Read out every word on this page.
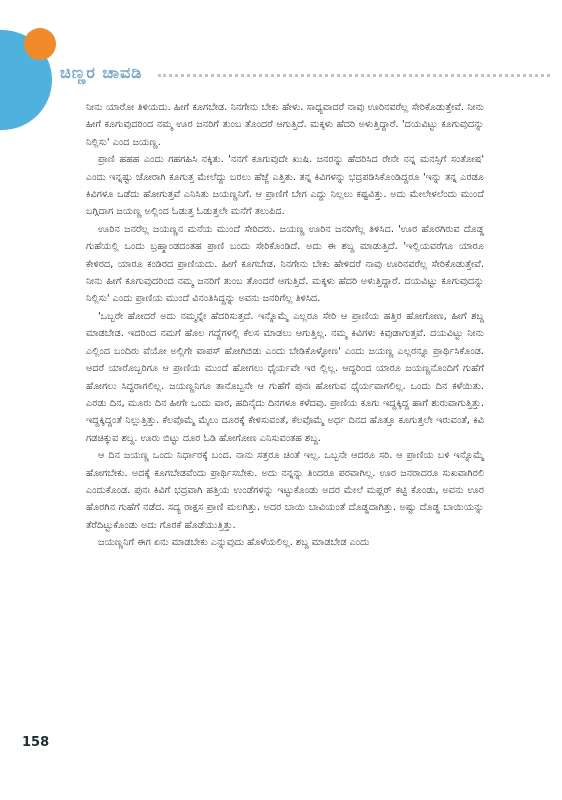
ಚಿಣ್ಣರ ಚಾವಡಿ

ನೀನು ಯಾರೋ ತಿಳಿಯದು. ಹೀಗೆ ಕೂಗಬೇಡ. ನಿನಗೇನು ಬೇಕು ಹೇಳು. ಸಾಧ್ಯವಾದರೆ ನಾವು ಊರಿನವರೆಲ್ಲ ಸೇರಿಕೊಡುತ್ತೇವೆ. ನೀನು ಹೀಗೆ ಕೂಗುವುದರಿಂದ ನಮ್ಮ ಊರ ಜನರಿಗೆ ತುಂಬ ತೊಂದರೆ ಆಗುತ್ತಿದೆ. ಮಕ್ಕಳು ಹೆದರಿ ಅಳುತ್ತಿದ್ದಾರೆ. 'ದಯವಿಟ್ಟು ಕೂಗುವುದನ್ನು ನಿಲ್ಲಿಸು' ಎಂದ ಜಯಣ್ಣ.

ಪ್ರಾಣಿ ಹಹಹ ಎಂದು ಗಹಗಹಿಸಿ ನಕ್ಕಿತು. 'ನನಗೆ ಕೂಗುವುದೇ ಖುಷಿ. ಜನರನ್ನು ಹೆದರಿಸಿದ ರೇನೇ ನನ್ನ ಮನಸ್ಸಿಗೆ ಸಂತೋಷ' ಎಂದು ಇನ್ನಷ್ಟು ಜೋರಾಗಿ ಕೂಗುತ್ತ ಮೇಲೆದ್ದು ಬರಲು ಹೆಜ್ಜೆ ಎತ್ತಿತು. ತನ್ನ ಕಿವಿಗಳನ್ನು ಭದ್ರಪಡಿಸಿಕೊಂಡಿದ್ದರೂ 'ಇನ್ನು ತನ್ನ ಎರಡೂ ಕಿವಿಗಳೂ ಒಡೆದು ಹೋಗುತ್ತವೆ ಎನಿಸಿತು ಜಯಣ್ಣನಿಗೆ. ಆ ಪ್ರಾಣಿಗೆ ಬೇಗ ಎದ್ದು ನಿಲ್ಲಲು ಕಷ್ಟವಿತ್ತು. ಅದು ಮೇಲೇಳಲೆಂದು ಮುಂದೆ ಬಗ್ಗಿದಾಗ ಜಯಣ್ಣ ಅಲ್ಲಿಂದ ಓಡುತ್ತ ಓಡುತ್ತಲೇ ಮನೆಗೆ ತಲುಪಿದ.

ಊರಿನ ಜನರೆಲ್ಲ ಜಯಣ್ಣನ ಮನೆಯ ಮುಂದೆ ಸೇರಿದರು. ಜಯಣ್ಣ ಊರಿನ ಜನರಿಗೆಲ್ಲ ತಿಳಿಸಿದ. 'ಊರ ಹೊರಗಿರುವ ದೊಡ್ಡ ಗುಹೆಯಲ್ಲಿ ಒಂದು ಬ್ರಹ್ಮಾಂಡದಂತಹ ಪ್ರಾಣಿ ಬಂದು ಸೇರಿಕೊಂಡಿದೆ. ಅದು ಈ ಶಬ್ದ ಮಾಡುತ್ತಿದೆ. 'ಇಲ್ಲಿಯವರೆಗೂ ಯಾರೂ ಕೇಳಿರದ, ಯಾರೂ ಕಂಡಿರದ ಪ್ರಾಣಿಯದು. ಹೀಗೆ ಕೂಗಬೇಡ. ನಿನಗೇನು ಬೇಕು ಹೇಳಿದರೆ ನಾವು ಊರಿನವರೆಲ್ಲ ಸೇರಿಕೊಡುತ್ತೇವೆ. ನೀನು ಹೀಗೆ ಕೂಗುವುದರಿಂದ ನಮ್ಮ ಜನರಿಗೆ ತುಂಬ ತೊಂದರೆ ಆಗುತ್ತಿದೆ. ಮಕ್ಕಳು ಹೆದರಿ ಅಳುತ್ತಿದ್ದಾರೆ. ದಯವಿಟ್ಟು ಕೂಗುವುದನ್ನು ನಿಲ್ಲಿಸು' ಎಂದು ಪ್ರಾಣಿಯ ಮುಂದೆ ವಿನಂತಿಸಿದ್ದನ್ನು ಅವನು ಜನರಿಗೆಲ್ಲ ತಿಳಿಸಿದ.

'ಒಬ್ಬರೇ ಹೋದರೆ ಅದು ನಮ್ಮನ್ನೇ ಹೆದರಿಸುತ್ತದೆ. ಇನ್ನೊಮ್ಮೆ ಎಲ್ಲರೂ ಸೇರಿ ಆ ಪ್ರಾಣಿಯ ಹತ್ತಿರ ಹೋಗೋಣ, ಹೀಗೆ ಶಬ್ದ ಮಾಡಬೇಡ. ಇದರಿಂದ ನಮಗೆ ಹೊಲ ಗದ್ದೆಗಳಲ್ಲಿ ಕೆಲಸ ಮಾಡಲು ಆಗುತ್ತಿಲ್ಲ. ನಮ್ಮ ಕಿವಿಗಳು ಕಿವುಡಾಗುತ್ತವೆ. ದಯವಿಟ್ಟು ನೀನು ಎಲ್ಲಿಂದ ಬಂದಿರು ವೆಯೋ ಅಲ್ಲಿಗೇ ವಾಪಸ್ ಹೋಗಿಬಿಡು ಎಂದು ಬೇಡಿಕೊಳ್ಳೋಣ' ಎಂದು ಜಯಣ್ಣ ಎಲ್ಲರನ್ನೂ ಪ್ರಾರ್ಥಿಸಿಕೊಂಡ. ಆದರೆ ಯಾರೊಬ್ಬರಿಗೂ ಆ ಪ್ರಾಣಿಯ ಮುಂದೆ ಹೋಗಲು ಧೈರ್ಯವೇ ಇರ ಲ್ಲಿಲ್ಲ. ಆದ್ದರಿಂದ ಯಾರೂ ಜಯಣ್ಣನೊಂದಿಗೆ ಗುಹೆಗೆ ಹೋಗಲು ಸಿದ್ಧರಾಗಲಿಲ್ಲ. ಜಯಣ್ಣನಿಗೂ ತಾನೊಬ್ಬನೇ ಆ ಗುಹೆಗೆ ಪುನಃ ಹೋಗುವ ಧೈರ್ಯವಾಗಲಿಲ್ಲ. ಒಂದು ದಿನ ಕಳೆಯಿತು. ಎರಡು ದಿನ, ಮೂರು ದಿನ ಹೀಗೇ ಒಂದು ವಾರ, ಹದಿನೈದು ದಿನಗಳೂ ಕಳೆದವು. ಪ್ರಾಣಿಯ ಕೂಗು ಇದ್ದಕ್ಕಿದ್ದ ಹಾಗೆ ಶುರುವಾಗುತ್ತಿತ್ತು. ಇದ್ದಕ್ಕಿದ್ದಂತೆ ನಿಲ್ಲುತ್ತಿತ್ತು. ಕೆಲವೊಮ್ಮೆ ಮೈಲು ದೂರಕ್ಕೆ ಕೇಳಿಸುವಂತೆ, ಕೆಲವೊಮ್ಮೆ ಅರ್ಧ ದಿನದ ಹೊತ್ತೂ ಕೂಗುತ್ತಲೇ ಇರುವಂತೆ, ಕಿವಿ ಗಡಚಿಕ್ಕುವ ಶಬ್ದ. ಊರು ಬಿಟ್ಟು ದೂರ ಓಡಿ ಹೋಗೋಣ ಎನಿಸುವಂತಹ ಶಬ್ದ.

ಆ ದಿನ ಜಯಣ್ಣ ಒಂದು ನಿರ್ಧಾರಕ್ಕೆ ಬಂದ. ನಾನು ಸತ್ತರೂ ಚಿಂತೆ ಇಲ್ಲ. ಒಬ್ಬನೇ ಆದರೂ ಸರಿ. ಆ ಪ್ರಾಣಿಯ ಬಳಿ ಇನ್ನೊಮ್ಮೆ ಹೋಗಬೇಕು. ಅದಕ್ಕೆ ಕೂಗಬೇಡವೆಂದು ಪ್ರಾರ್ಥಿಸಬೇಕು. ಅದು ನನ್ನನ್ನು ತಿಂದರೂ ಪರವಾಗಿಲ್ಲ. ಊರ ಜನರಾದರೂ ಸುಖವಾಗಿರಲಿ ಎಂದುಕೊಂಡ. ಪುನಃ ಕಿವಿಗೆ ಭದ್ರವಾಗಿ ಹತ್ತಿಯ ಉಂಡೆಗಳನ್ನು ಇಟ್ಟುಕೊಂಡು ಅದರ ಮೇಲೆ ಮಫ್ಲರ್ ಕಟ್ಟಿ ಕೊಂಡು, ಅವನು ಊರ ಹೊರಗಿನ ಗುಹೆಗೆ ನಡೆದ. ಸದ್ಯ ರಾಕ್ಷಸ ಪ್ರಾಣಿ ಮಲಗಿತ್ತು. ಅದರ ಬಾಯಿ ಬಾವಿಯಂತೆ ದೊಡ್ಡದಾಗಿತ್ತು. ಅಷ್ಟು ದೊಡ್ಡ ಬಾಯಿಯನ್ನು ತೆರೆದಿಟ್ಟುಕೊಂಡು ಅದು ಗೊರಕೆ ಹೊಡೆಯುತ್ತಿತ್ತು.

ಜಯಣ್ಣನಿಗೆ ಈಗ ಏನು ಮಾಡಬೇಕು ಎನ್ನುವುದು ಹೊಳೆಯಲಿಲ್ಲ. ಶಬ್ದ ಮಾಡಬೇಡ ಎಂದು

158
